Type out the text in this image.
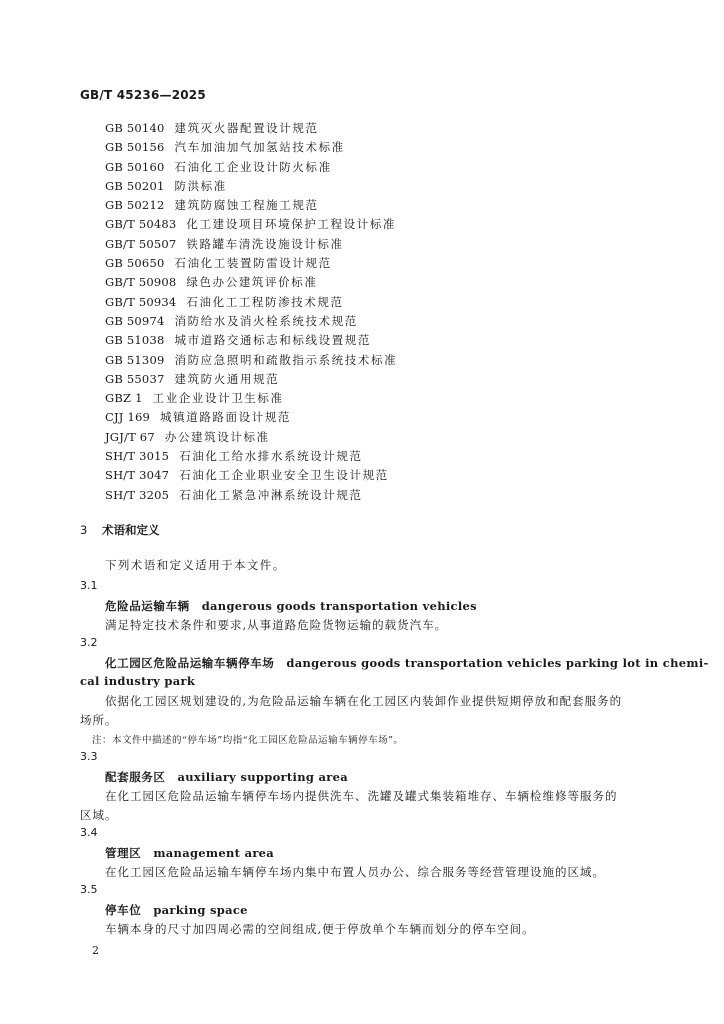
GB/T 45236—2025
GB 50140 建筑灭火器配置设计规范
GB 50156 汽车加油加气加氢站技术标准
GB 50160 石油化工企业设计防火标准
GB 50201 防洪标准
GB 50212 建筑防腐蚀工程施工规范
GB/T 50483 化工建设项目环境保护工程设计标准
GB/T 50507 铁路罐车清洗设施设计标准
GB 50650 石油化工装置防雷设计规范
GB/T 50908 绿色办公建筑评价标准
GB/T 50934 石油化工工程防渗技术规范
GB 50974 消防给水及消火栓系统技术规范
GB 51038 城市道路交通标志和标线设置规范
GB 51309 消防应急照明和疏散指示系统技术标准
GB 55037 建筑防火通用规范
GBZ 1 工业企业设计卫生标准
CJJ 169 城镇道路路面设计规范
JGJ/T 67 办公建筑设计标准
SH/T 3015 石油化工给水排水系统设计规范
SH/T 3047 石油化工企业职业安全卫生设计规范
SH/T 3205 石油化工紧急冲淋系统设计规范
3 术语和定义
下列术语和定义适用于本文件。
3.1
危险品运输车辆 dangerous goods transportation vehicles
满足特定技术条件和要求,从事道路危险货物运输的载货汽车。
3.2
化工园区危险品运输车辆停车场 dangerous goods transportation vehicles parking lot in chemi-
cal industry park
依据化工园区规划建设的,为危险品运输车辆在化工园区内装卸作业提供短期停放和配套服务的
场所。
注：本文件中描述的“停车场”均指“化工园区危险品运输车辆停车场”。
3.3
配套服务区 auxiliary supporting area
在化工园区危险品运输车辆停车场内提供洗车、洗罐及罐式集装箱堆存、车辆检维修等服务的
区域。
3.4
管理区 management area
在化工园区危险品运输车辆停车场内集中布置人员办公、综合服务等经营管理设施的区域。
3.5
停车位 parking space
车辆本身的尺寸加四周必需的空间组成,便于停放单个车辆而划分的停车空间。
2
